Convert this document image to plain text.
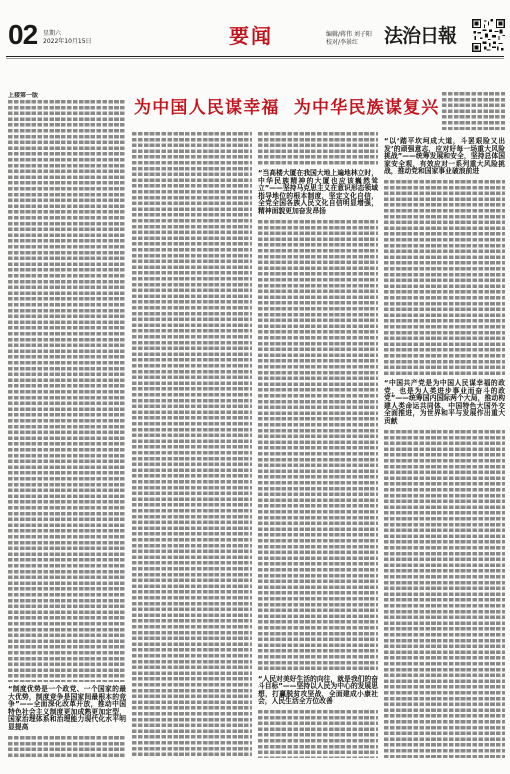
02 星期六
2022年10月15日	要闻	编辑/蒋伟 刘子阳
校对/李景红	法治日報
为中国人民谋幸福  为中华民族谋复兴
上接第一版
“制度优势是一个政党、一个国家的最大优势，制度竞争是国家间最根本的竞争”——全面深化改革开放，推动中国特色社会主义制度更加成熟更加定型，国家治理体系和治理能力现代化水平明显提高
“当高楼大厦在我国大地上遍地林立时，中华民族精神的大厦也应该巍然耸立”——坚持马克思主义在意识形态领域指导地位的根本制度，坚定文化自信，全党全国各族人民文化自信明显增强，精神面貌更加奋发昂扬
“人民对美好生活的向往，就是我们的奋斗目标”——坚持以人民为中心的发展思想，打赢脱贫攻坚战，全面建成小康社会，人民生活全方位改善
“以‘踏平坎坷成大道，斗罢艰险又出发’的顽强意志，应对好每一场重大风险挑战”——统筹发展和安全，坚持总体国家安全观，有效应对一系列重大风险挑战，推动党和国家事业破浪前进
“中国共产党是为中国人民谋幸福的政党，也是为人类进步事业而奋斗的政党”——统筹国内国际两个大局，推动构建人类命运共同体，中国特色大国外交全面推进，为世界和平与发展作出重大贡献
